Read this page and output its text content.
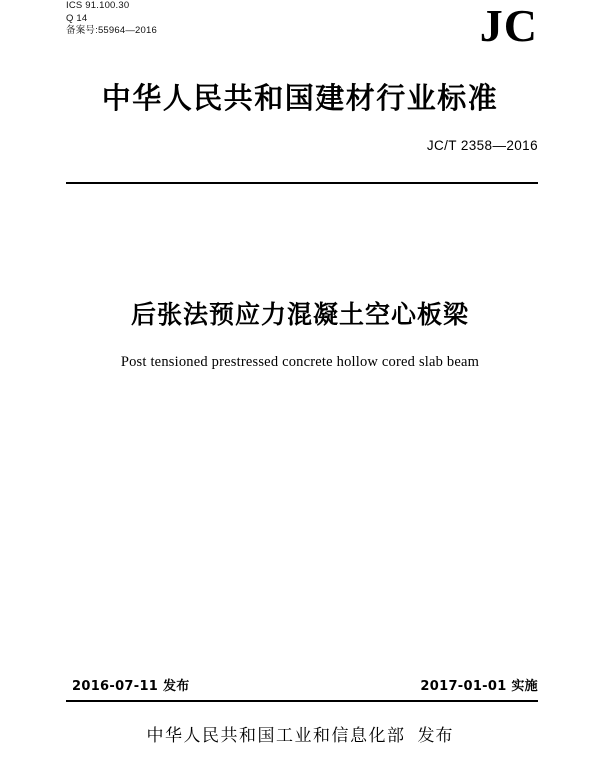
ICS 91.100.30
Q 14
备案号:55964—2016	JC
中华人民共和国建材行业标准
JC/T 2358—2016
后张法预应力混凝土空心板梁
Post tensioned prestressed concrete hollow cored slab beam
2016-07-11 发布	2017-01-01 实施
中华人民共和国工业和信息化部 发布
